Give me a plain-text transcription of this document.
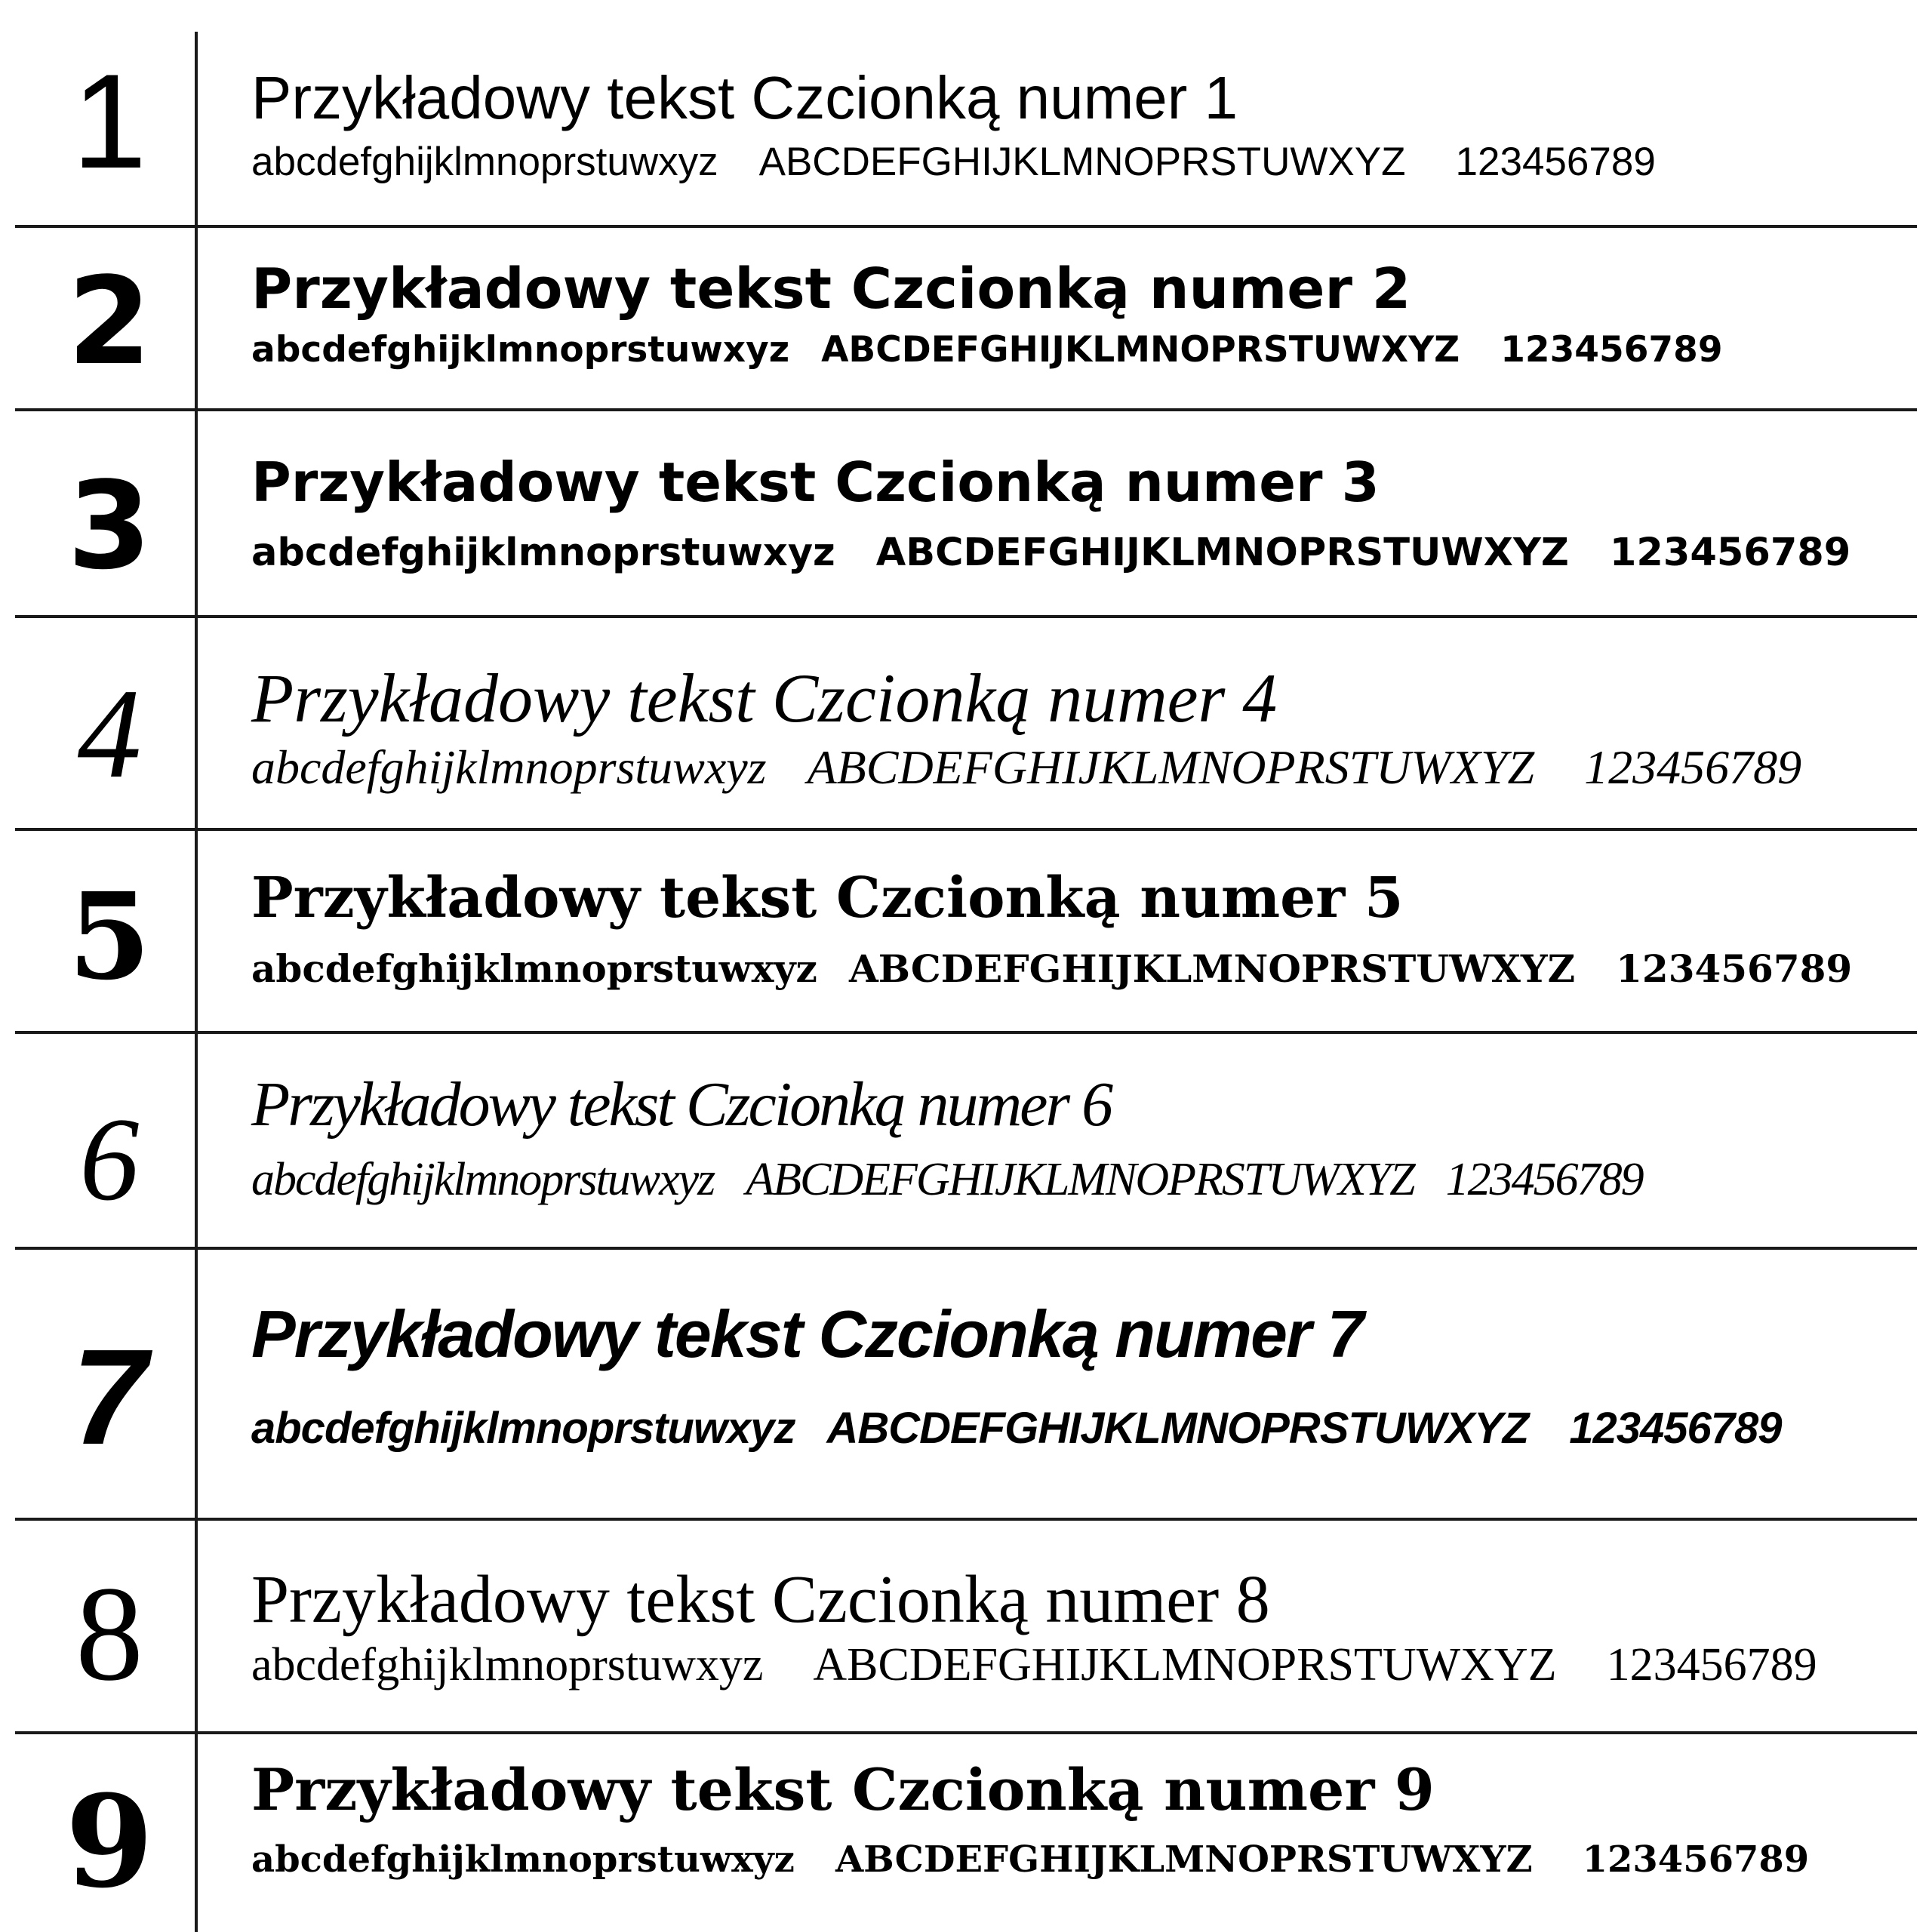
1	Przykładowy tekst Czcionką numer 1
abcdefghijklmnoprstuwxyz ABCDEFGHIJKLMNOPRSTUWXYZ 123456789
2	Przykładowy tekst Czcionką numer 2
abcdefghijklmnoprstuwxyz ABCDEFGHIJKLMNOPRSTUWXYZ 123456789
3	Przykładowy tekst Czcionką numer 3
abcdefghijklmnoprstuwxyz ABCDEFGHIJKLMNOPRSTUWXYZ 123456789
4	Przykładowy tekst Czcionką numer 4
abcdefghijklmnoprstuwxyz ABCDEFGHIJKLMNOPRSTUWXYZ 123456789
5	Przykładowy tekst Czcionką numer 5
abcdefghijklmnoprstuwxyz ABCDEFGHIJKLMNOPRSTUWXYZ 123456789
6	Przykładowy tekst Czcionką numer 6
abcdefghijklmnoprstuwxyz ABCDEFGHIJKLMNOPRSTUWXYZ 123456789
7	Przykładowy tekst Czcionką numer 7
abcdefghijklmnoprstuwxyz ABCDEFGHIJKLMNOPRSTUWXYZ 123456789
8	Przykładowy tekst Czcionką numer 8
abcdefghijklmnoprstuwxyz ABCDEFGHIJKLMNOPRSTUWXYZ 123456789
9	Przykładowy tekst Czcionką numer 9
abcdefghijklmnoprstuwxyz ABCDEFGHIJKLMNOPRSTUWXYZ 123456789
